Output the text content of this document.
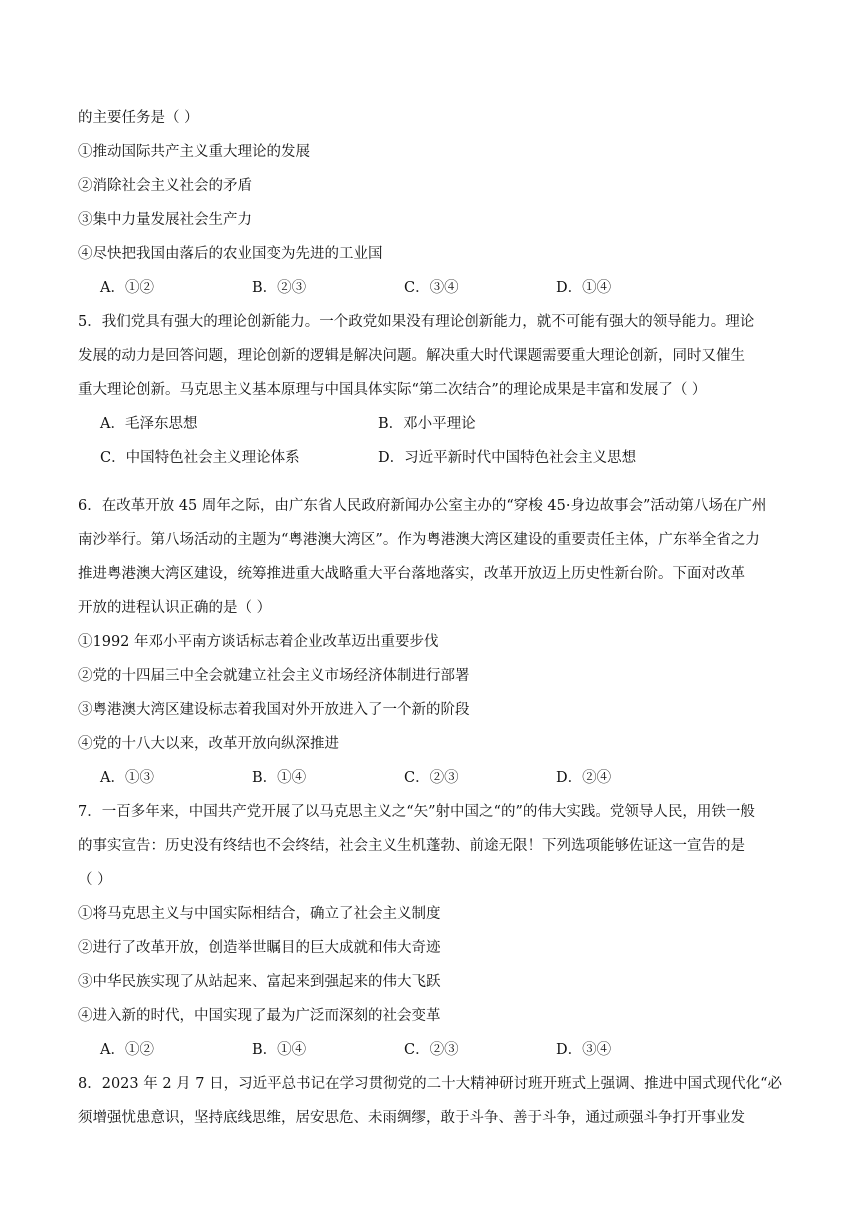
的主要任务是（ ）
①推动国际共产主义重大理论的发展
②消除社会主义社会的矛盾
③集中力量发展社会生产力
④尽快把我国由落后的农业国变为先进的工业国
A．①②	B．②③	C．③④	D．①④
5．我们党具有强大的理论创新能力。一个政党如果没有理论创新能力，就不可能有强大的领导能力。理论
发展的动力是回答问题，理论创新的逻辑是解决问题。解决重大时代课题需要重大理论创新，同时又催生
重大理论创新。马克思主义基本原理与中国具体实际“第二次结合”的理论成果是丰富和发展了（ ）
A．毛泽东思想	B．邓小平理论
C．中国特色社会主义理论体系	D．习近平新时代中国特色社会主义思想
6．在改革开放 45 周年之际，由广东省人民政府新闻办公室主办的“穿梭 45·身边故事会”活动第八场在广州
南沙举行。第八场活动的主题为“粤港澳大湾区”。作为粤港澳大湾区建设的重要责任主体，广东举全省之力
推进粤港澳大湾区建设，统筹推进重大战略重大平台落地落实，改革开放迈上历史性新台阶。下面对改革
开放的进程认识正确的是（ ）
①1992 年邓小平南方谈话标志着企业改革迈出重要步伐
②党的十四届三中全会就建立社会主义市场经济体制进行部署
③粤港澳大湾区建设标志着我国对外开放进入了一个新的阶段
④党的十八大以来，改革开放向纵深推进
A．①③	B．①④	C．②③	D．②④
7．一百多年来，中国共产党开展了以马克思主义之“矢”射中国之“的”的伟大实践。党领导人民，用铁一般
的事实宣告：历史没有终结也不会终结，社会主义生机蓬勃、前途无限！下列选项能够佐证这一宣告的是
（ ）
①将马克思主义与中国实际相结合，确立了社会主义制度
②进行了改革开放，创造举世瞩目的巨大成就和伟大奇迹
③中华民族实现了从站起来、富起来到强起来的伟大飞跃
④进入新的时代，中国实现了最为广泛而深刻的社会变革
A．①②	B．①④	C．②③	D．③④
8．2023 年 2 月 7 日，习近平总书记在学习贯彻党的二十大精神研讨班开班式上强调、推进中国式现代化“必
须增强忧患意识，坚持底线思维，居安思危、未雨绸缪，敢于斗争、善于斗争，通过顽强斗争打开事业发
